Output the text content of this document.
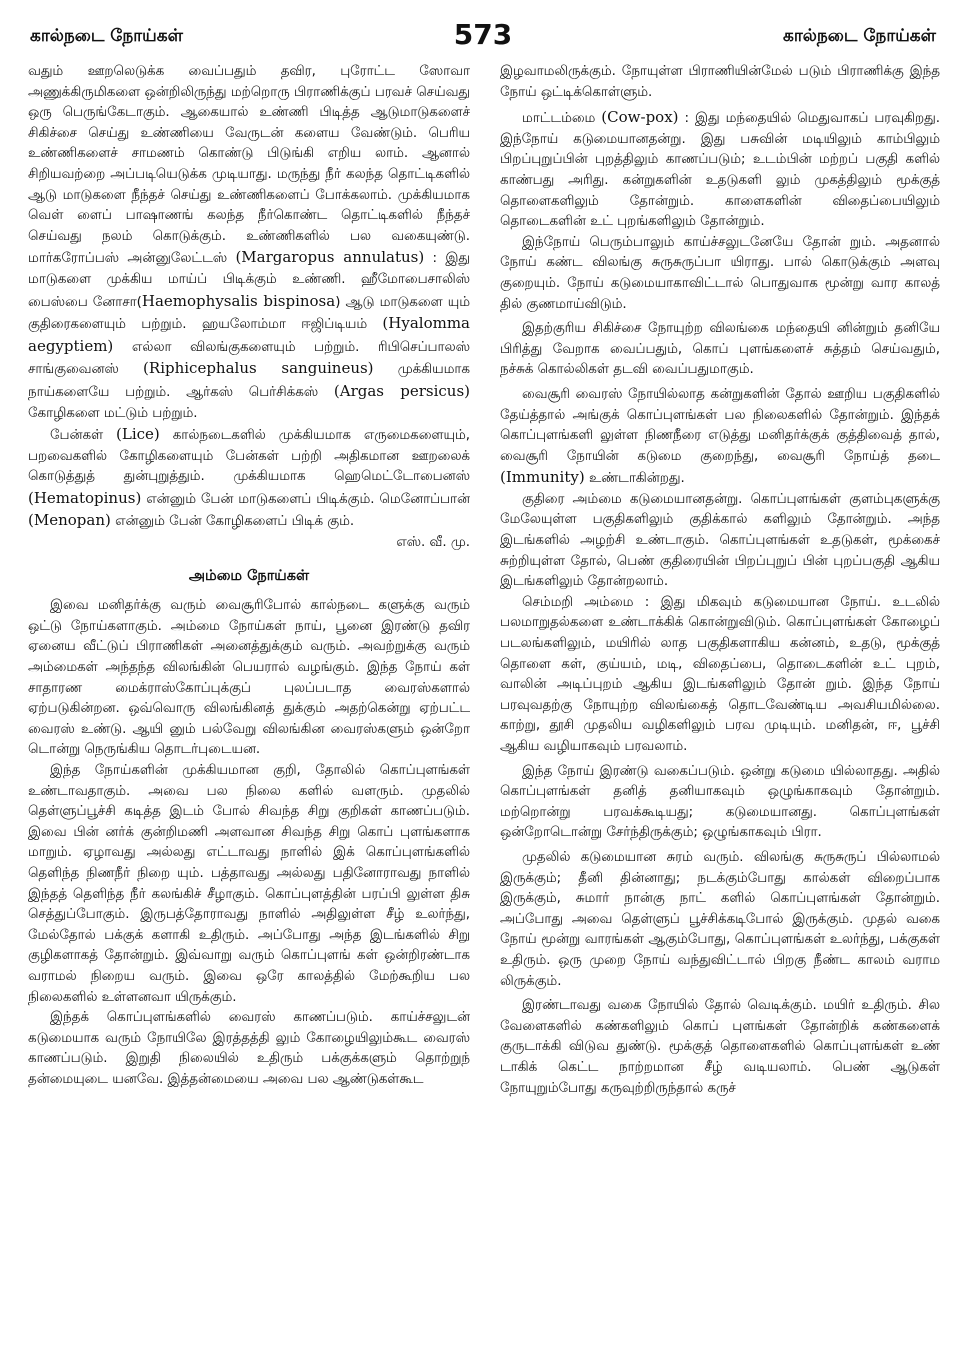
கால்நடை நோய்கள்	573	கால்நடை நோய்கள்

வதும் ஊறலெடுக்க வைப்பதும் தவிர, புரோட்ட ஸோவா அணுக்கிருமிகளை ஒன்றிலிருந்து மற்றொரு பிராணிக்குப் பரவச் செய்வது ஒரு பெருங்கேடாகும். ஆகையால் உண்ணி பிடித்த ஆடுமாடுகளைச் சிகிச்சை செய்து உண்ணியை வேருடன் களைய வேண்டும். பெரிய உண்ணிகளைச் சாமணம் கொண்டு பிடுங்கி எறிய லாம். ஆனால் சிறியவற்றை அப்படியெடுக்க முடியாது. மருந்து நீர் கலந்த தொட்டிகளில் ஆடு மாடுகளை நீந்தச் செய்து உண்ணிகளைப் போக்கலாம். முக்கியமாக வெள் ளைப் பாஷாணங் கலந்த நீர்கொண்ட தொட்டிகளில் நீந்தச் செய்வது நலம் கொடுக்கும். உண்ணிகளில் பல வகையுண்டு. மார்கரோப்பஸ் அன்னுலேட்டஸ் (Margaropus annulatus) : இது மாடுகளை முக்கிய மாய்ப் பிடிக்கும் உண்ணி. ஹீமோபைசாலிஸ் பைஸ்பை னோசா(Haemophysalis bispinosa) ஆடு மாடுகளை யும் குதிரைகளையும் பற்றும். ஹயலோம்மா ஈஜிப்டியம் (Hyalomma aegyptiem) எல்லா விலங்குகளையும் பற்றும். ரிபிசெப்பாலஸ் சாங்குவைனஸ் (Riphicephalus sanguineus) முக்கியமாக நாய்களையே பற்றும். ஆர்கஸ் பெர்சிக்கஸ் (Argas persicus) கோழிகளை மட்டும் பற்றும்.

பேன்கள் (Lice) கால்நடைகளில் முக்கியமாக எருமைகளையும், பறவைகளில் கோழிகளையும் பேன்கள் பற்றி அதிகமான ஊறலைக் கொடுத்துத் துன்புறுத்தும். முக்கியமாக ஹெமெட்டோபைனஸ் (Hematopinus) என்னும் பேன் மாடுகளைப் பிடிக்கும். மெனோப்பான் (Menopan) என்னும் பேன் கோழிகளைப் பிடிக் கும்.

எஸ். வீ. மு.

அம்மை நோய்கள்

இவை மனிதர்க்கு வரும் வைசூரிபோல் கால்நடை களுக்கு வரும் ஒட்டு நோய்களாகும். அம்மை நோய்கள் நாய், பூனை இரண்டு தவிர ஏனைய வீட்டுப் பிராணிகள் அனைத்துக்கும் வரும். அவற்றுக்கு வரும் அம்மைகள் அந்தந்த விலங்கின் பெயரால் வழங்கும். இந்த நோய் கள் சாதாரண மைக்ராஸ்கோப்புக்குப் புலப்படாத வைரஸ்களால் ஏற்படுகின்றன. ஒவ்வொரு விலங்கினத் துக்கும் அதற்கென்று ஏற்பட்ட வைரஸ் உண்டு. ஆயி னும் பல்வேறு விலங்கின வைரஸ்களும் ஒன்றோ டொன்று நெருங்கிய தொடர்புடையன.

இந்த நோய்களின் முக்கியமான குறி, தோலில் கொப்புளங்கள் உண்டாவதாகும். அவை பல நிலை களில் வளரும். முதலில் தெள்ளுப்பூச்சி கடித்த இடம் போல் சிவந்த சிறு குறிகள் காணப்படும். இவை பின் னர்க் குன்றிமணி அளவான சிவந்த சிறு கொப் புளங்களாக மாறும். ஏழாவது அல்லது எட்டாவது நாளில் இக் கொப்புளங்களில் தெளிந்த நிணநீர் நிறை யும். பத்தாவது அல்லது பதினோராவது நாளில் இந்தத் தெளிந்த நீர் கலங்கிச் சீழாகும். கொப்புளத்தின் பரப்பி லுள்ள திசு செத்துப்போகும். இருபத்தோராவது நாளில் அதிலுள்ள சீழ் உலர்ந்து, மேல்தோல் பக்குக் களாகி உதிரும். அப்போது அந்த இடங்களில் சிறு குழிகளாகத் தோன்றும். இவ்வாறு வரும் கொப்புளங் கள் ஒன்றிரண்டாக வராமல் நிறைய வரும். இவை ஒரே காலத்தில் மேற்கூறிய பல நிலைகளில் உள்ளனவா யிருக்கும்.

இந்தக் கொப்புளங்களில் வைரஸ் காணப்படும். காய்ச்சலுடன் கடுமையாக வரும் நோயிலே இரத்தத்தி லும் கோழையிலும்கூட வைரஸ் காணப்படும். இறுதி நிலையில் உதிரும் பக்குக்களும் தொற்றுந் தன்மையுடை யனவே. இத்தன்மையை அவை பல ஆண்டுகள்கூட

இழவாமலிருக்கும். நோயுள்ள பிராணியின்மேல் படும் பிராணிக்கு இந்த நோய் ஒட்டிக்கொள்ளும்.

மாட்டம்மை (Cow-pox) : இது மந்தையில் மெதுவாகப் பரவுகிறது. இந்நோய் கடுமையானதன்று. இது பசுவின் மடியிலும் காம்பிலும் பிறப்புறுப்பின் புறத்திலும் காணப்படும்; உடம்பின் மற்றப் பகுதி களில் காண்பது அரிது. கன்றுகளின் உதடுகளி லும் முகத்திலும் மூக்குத் தொளைகளிலும் தோன்றும். காளைகளின் விதைப்பையிலும் தொடைகளின் உட் புறங்களிலும் தோன்றும்.

இந்நோய் பெரும்பாலும் காய்ச்சலுடனேயே தோன் றும். அதனால் நோய் கண்ட விலங்கு சுருசுருப்பா யிராது. பால் கொடுக்கும் அளவு குறையும். நோய் கடுமையாகாவிட்டால் பொதுவாக மூன்று வார காலத் தில் குணமாய்விடும்.

இதற்குரிய சிகிச்சை நோயுற்ற விலங்கை மந்தையி னின்றும் தனியே பிரித்து வேறாக வைப்பதும், கொப் புளங்களைச் சுத்தம் செய்வதும், நச்சுக் கொல்லிகள் தடவி வைப்பதுமாகும்.

வைசூரி வைரஸ் நோயில்லாத கன்றுகளின் தோல் ஊறிய பகுதிகளில் தேய்த்தால் அங்குக் கொப்புளங்கள் பல நிலைகளில் தோன்றும். இந்தக் கொப்புளங்களி லுள்ள நிணநீரை எடுத்து மனிதர்க்குக் குத்திவைத் தால், வைசூரி நோயின் கடுமை குறைந்து, வைசூரி நோய்த் தடை (Immunity) உண்டாகின்றது.

குதிரை அம்மை கடுமையானதன்று. கொப்புளங்கள் குளம்புகளுக்கு மேலேயுள்ள பகுதிகளிலும் குதிக்கால் களிலும் தோன்றும். அந்த இடங்களில் அழற்சி உண்டாகும். கொப்புளங்கள் உதடுகள், மூக்கைச் சுற்றியுள்ள தோல், பெண் குதிரையின் பிறப்புறுப் பின் புறப்பகுதி ஆகிய இடங்களிலும் தோன்றலாம்.

செம்மறி அம்மை : இது மிகவும் கடுமையான நோய். உடலில் பலமாறுதல்களை உண்டாக்கிக் கொன்றுவிடும். கொப்புளங்கள் கோழைப் படலங்களிலும், மயிரில் லாத பகுதிகளாகிய கன்னம், உதடு, மூக்குத் தொளை கள், குய்யம், மடி, விதைப்பை, தொடைகளின் உட் புறம், வாலின் அடிப்புறம் ஆகிய இடங்களிலும் தோன் றும். இந்த நோய் பரவுவதற்கு நோயுற்ற விலங்கைத் தொடவேண்டிய அவசியமில்லை. காற்று, தூசி முதலிய வழிகளிலும் பரவ முடியும். மனிதன், ஈ, பூச்சி ஆகிய வழியாகவும் பரவலாம்.

இந்த நோய் இரண்டு வகைப்படும். ஒன்று கடுமை யில்லாதது. அதில் கொப்புளங்கள் தனித் தனியாகவும் ஒழுங்காகவும் தோன்றும். மற்றொன்று பரவக்கூடியது; கடுமையானது. கொப்புளங்கள் ஒன்றோடொன்று சேர்ந்திருக்கும்; ஒழுங்காகவும் பிரா.

முதலில் கடுமையான சுரம் வரும். விலங்கு சுருசுருப் பில்லாமல் இருக்கும்; தீனி தின்னாது; நடக்கும்போது கால்கள் விறைப்பாக இருக்கும், சுமார் நான்கு நாட் களில் கொப்புளங்கள் தோன்றும். அப்போது அவை தெள்ளுப் பூச்சிக்கடிபோல் இருக்கும். முதல் வகை நோய் மூன்று வாரங்கள் ஆகும்போது, கொப்புளங்கள் உலர்ந்து, பக்குகள் உதிரும். ஒரு முறை நோய் வந்துவிட்டால் பிறகு நீண்ட காலம் வராம லிருக்கும்.

இரண்டாவது வகை நோயில் தோல் வெடிக்கும். மயிர் உதிரும். சில வேளைகளில் கண்களிலும் கொப் புளங்கள் தோன்றிக் கண்களைக் குருடாக்கி விடுவ துண்டு. மூக்குத் தொளைகளில் கொப்புளங்கள் உண் டாகிக் கெட்ட நாற்றமான சீழ் வடியலாம். பெண் ஆடுகள் நோயுறும்போது கருவுற்றிருந்தால் கருச்
